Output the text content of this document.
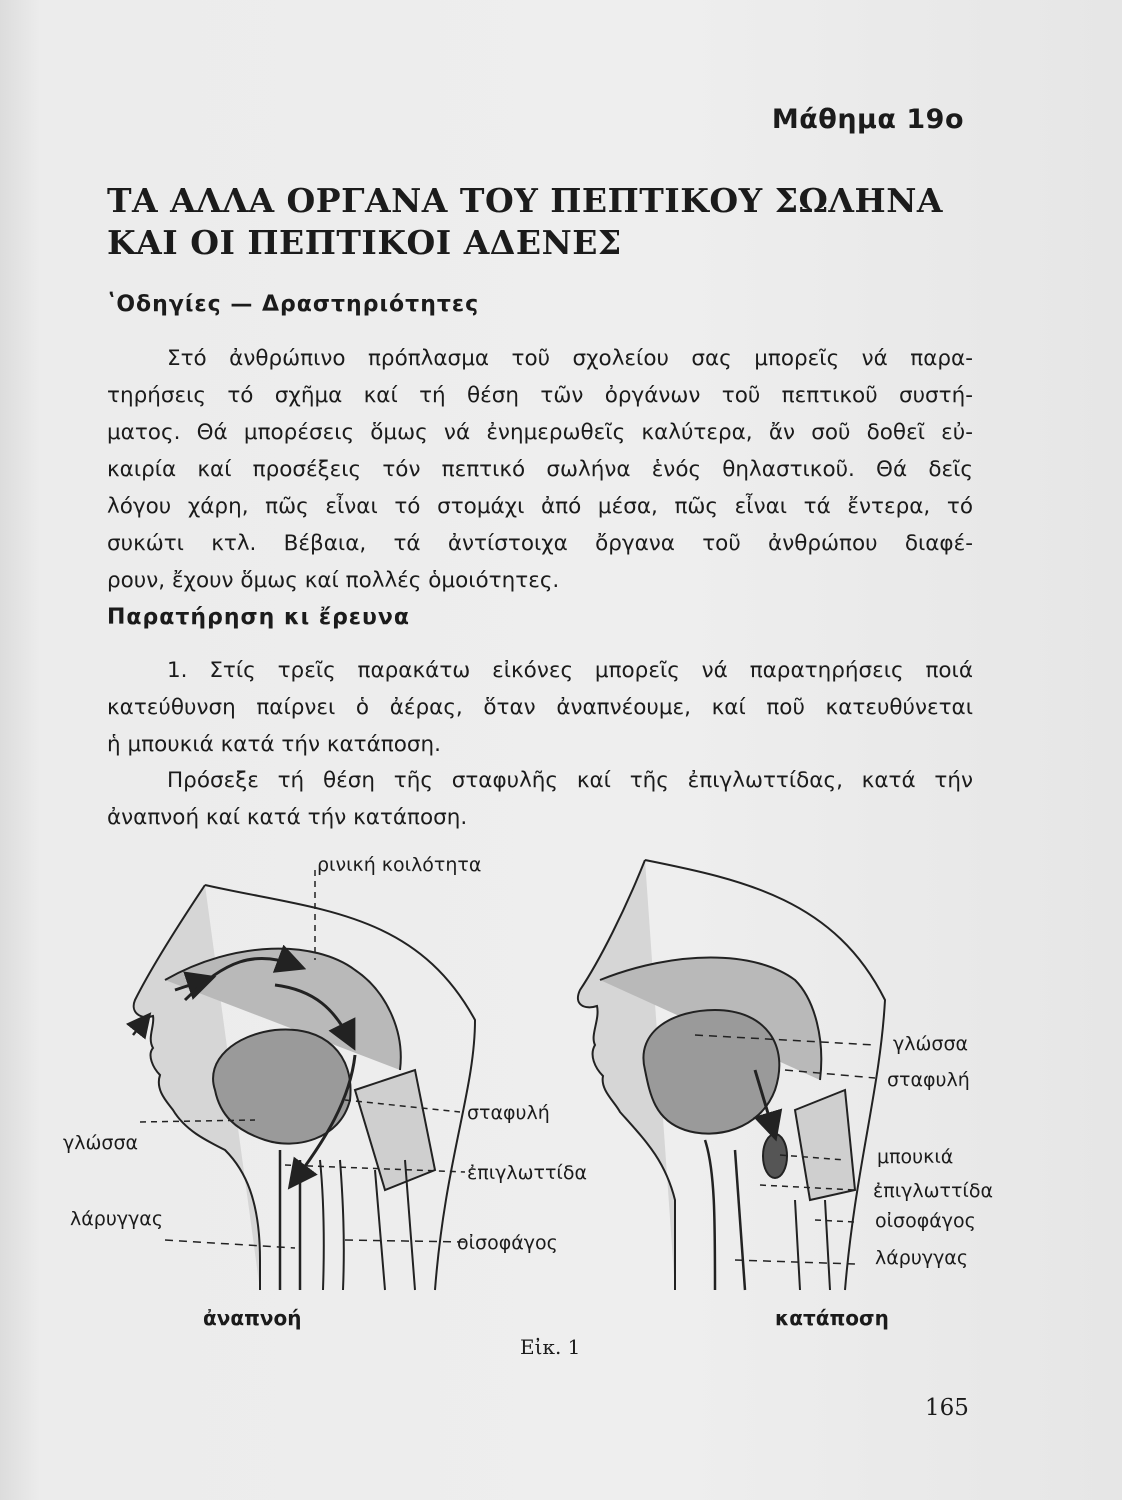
Μάθημα 19ο
ΤΑ ΑΛΛΑ ΟΡΓΑΝΑ ΤΟΥ ΠΕΠΤΙΚΟΥ ΣΩΛΗΝΑ
ΚΑΙ ΟΙ ΠΕΠΤΙΚΟΙ ΑΔΕΝΕΣ
ʽΟδηγίες — Δραστηριότητες
Στό ἀνθρώπινο πρόπλασμα τοῦ σχολείου σας μπορεῖς νά παρα-
τηρήσεις τό σχῆμα καί τή θέση τῶν ὀργάνων τοῦ πεπτικοῦ συστή-
ματος. Θά μπορέσεις ὅμως νά ἐνημερωθεῖς καλύτερα, ἄν σοῦ δοθεῖ εὐ-
καιρία καί προσέξεις τόν πεπτικό σωλήνα ἑνός θηλαστικοῦ. Θά δεῖς
λόγου χάρη, πῶς εἶναι τό στομάχι ἀπό μέσα, πῶς εἶναι τά ἔντερα, τό
συκώτι κτλ. Βέβαια, τά ἀντίστοιχα ὄργανα τοῦ ἀνθρώπου διαφέ-
ρουν, ἔχουν ὅμως καί πολλές ὁμοιότητες.
Παρατήρηση κι ἔρευνα
1. Στίς τρεῖς παρακάτω εἰκόνες μπορεῖς νά παρατηρήσεις ποιά
κατεύθυνση παίρνει ὁ ἀέρας, ὅταν ἀναπνέουμε, καί ποῦ κατευθύνεται
ἡ μπουκιά κατά τήν κατάποση.
Πρόσεξε τή θέση τῆς σταφυλῆς καί τῆς ἐπιγλωττίδας, κατά τήν
ἀναπνοή καί κατά τήν κατάποση.
ρινική κοιλότητα
γλώσσα
σταφυλή
ἐπιγλωττίδα
λάρυγγας
οἰσοφάγος
ἀναπνοή
γλώσσα
σταφυλή
μπουκιά
ἐπιγλωττίδα
οἰσοφάγος
λάρυγγας
κατάποση
Εἰκ. 1
165
